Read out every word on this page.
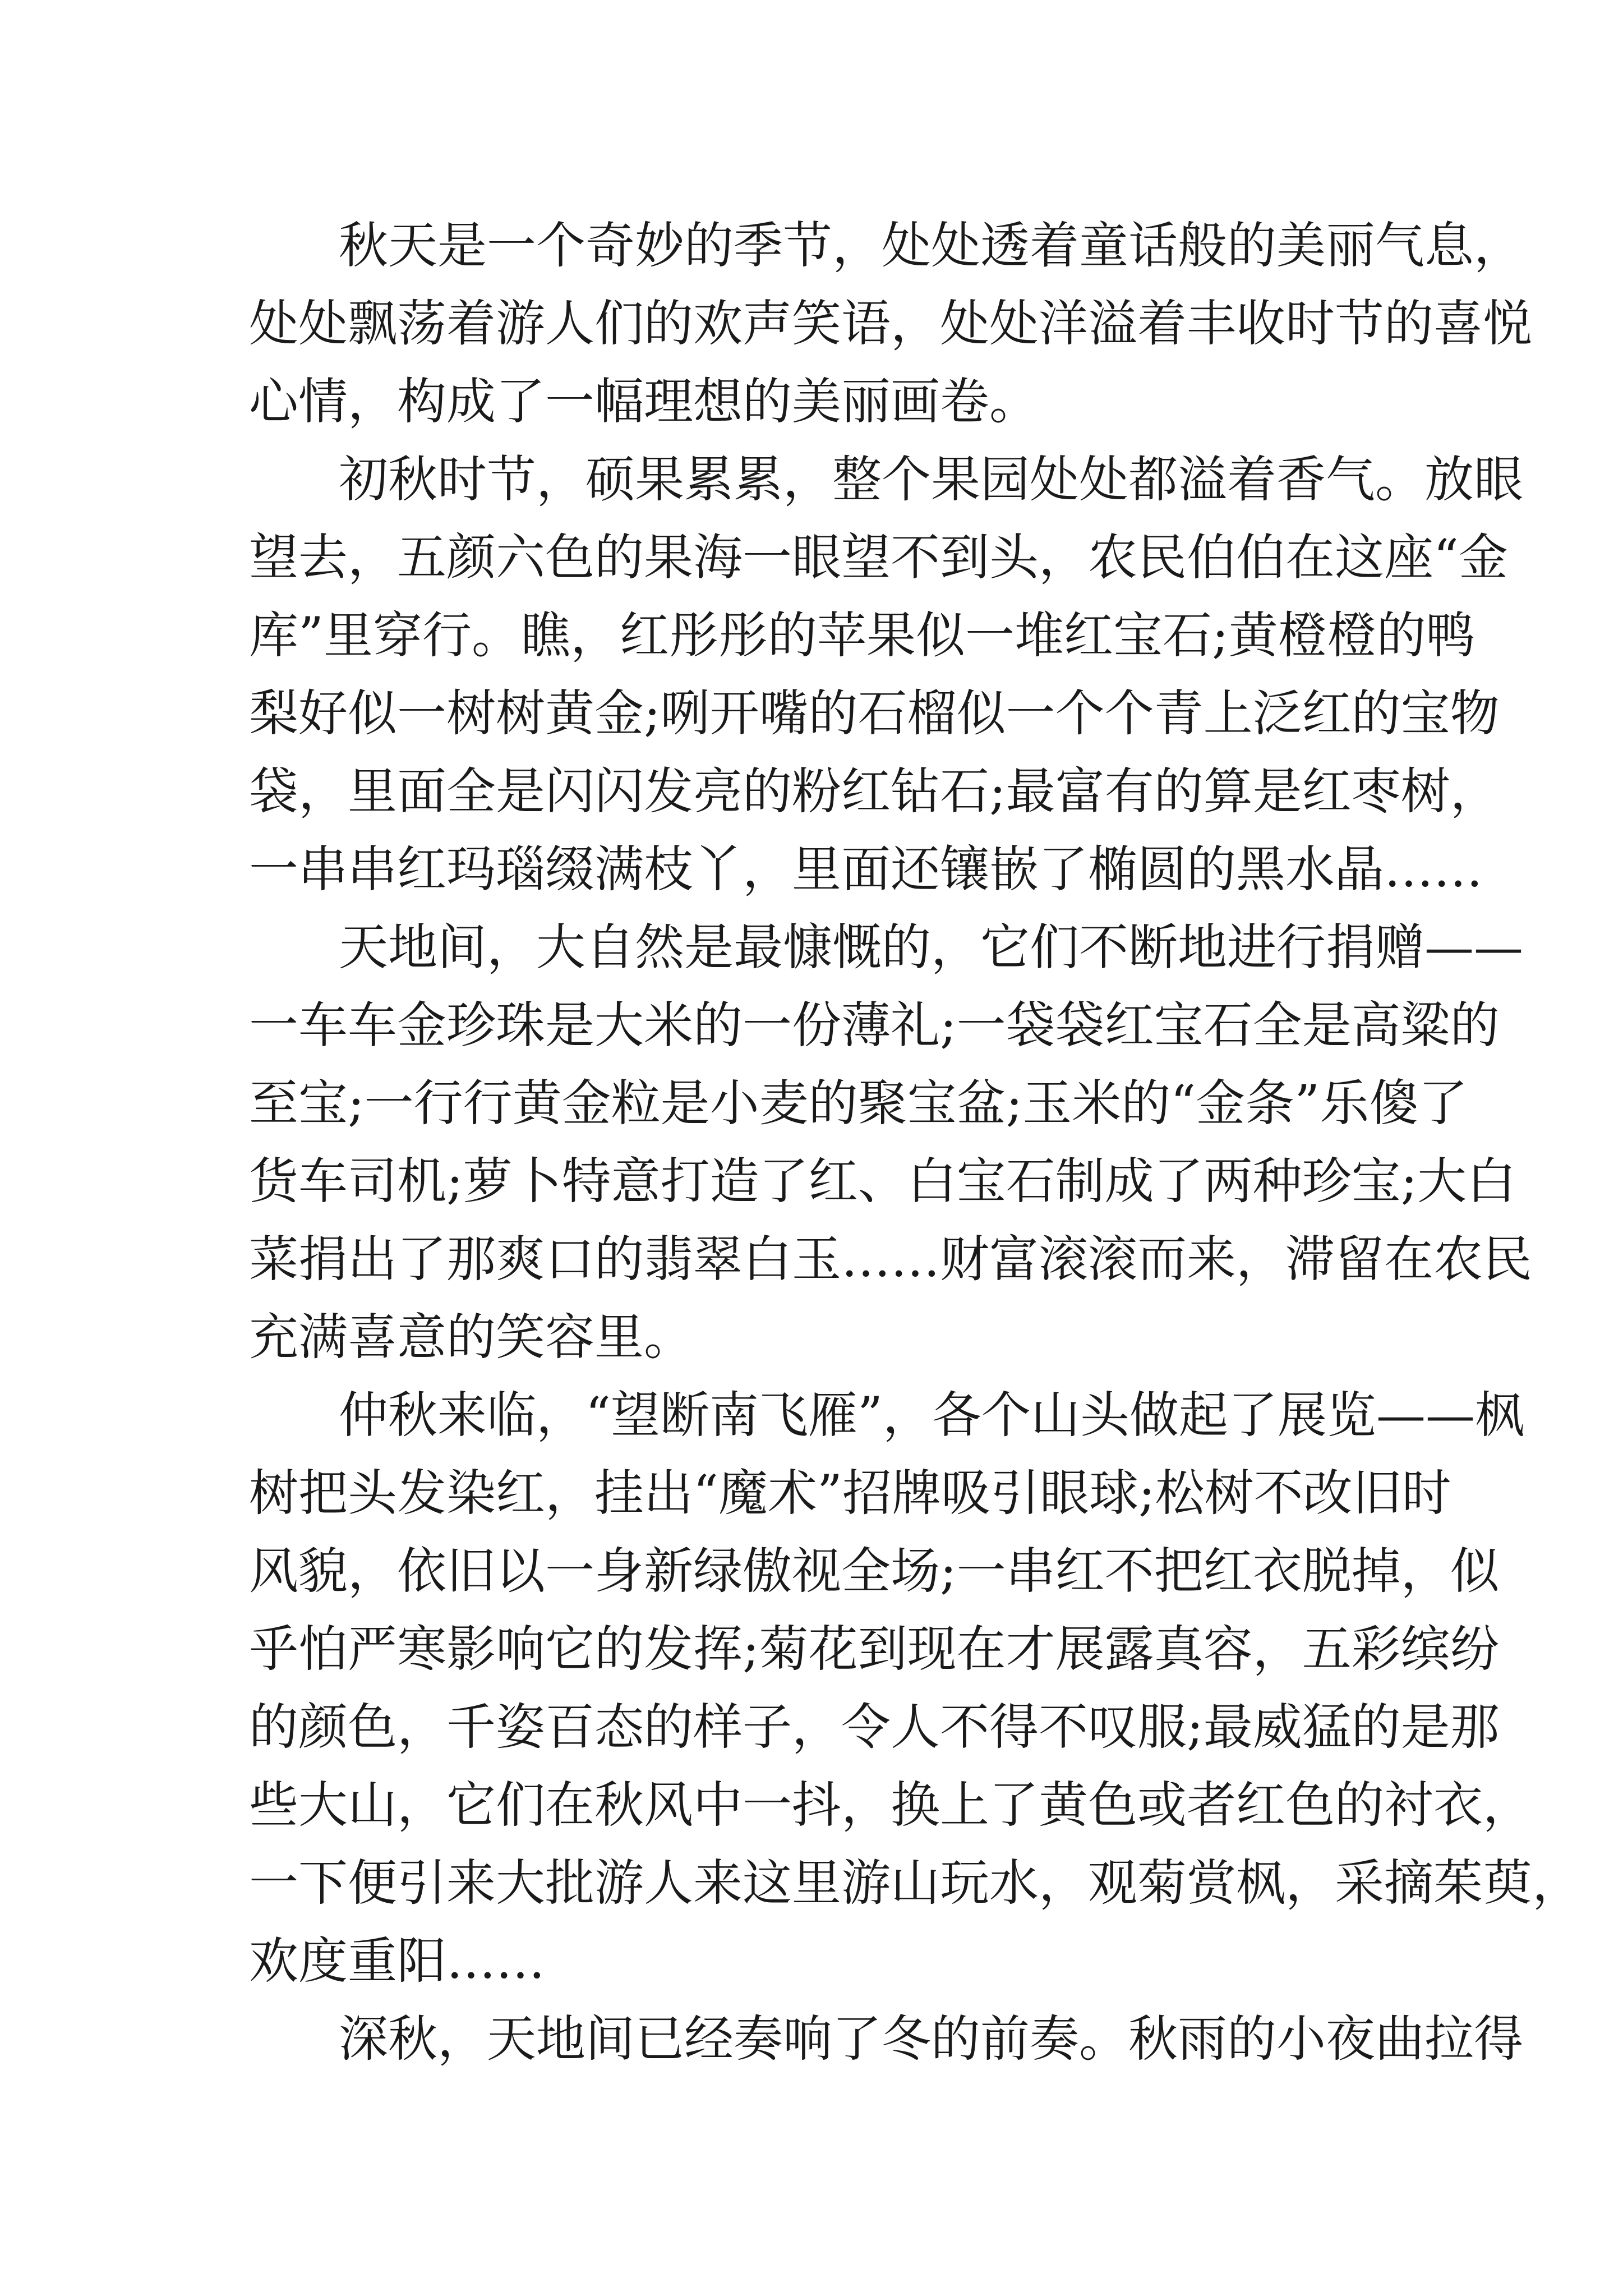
秋天是一个奇妙的季节，处处透着童话般的美丽气息，
处处飘荡着游人们的欢声笑语，处处洋溢着丰收时节的喜悦
心情，构成了一幅理想的美丽画卷。

初秋时节，硕果累累，整个果园处处都溢着香气。放眼
望去，五颜六色的果海一眼望不到头，农民伯伯在这座“金
库”里穿行。瞧，红彤彤的苹果似一堆红宝石;黄橙橙的鸭
梨好似一树树黄金;咧开嘴的石榴似一个个青上泛红的宝物
袋，里面全是闪闪发亮的粉红钻石;最富有的算是红枣树，
一串串红玛瑙缀满枝丫，里面还镶嵌了椭圆的黑水晶……

天地间，大自然是最慷慨的，它们不断地进行捐赠——
一车车金珍珠是大米的一份薄礼;一袋袋红宝石全是高粱的
至宝;一行行黄金粒是小麦的聚宝盆;玉米的“金条”乐傻了
货车司机;萝卜特意打造了红、白宝石制成了两种珍宝;大白
菜捐出了那爽口的翡翠白玉……财富滚滚而来，滞留在农民
充满喜意的笑容里。

仲秋来临，“望断南飞雁”，各个山头做起了展览——枫
树把头发染红，挂出“魔术”招牌吸引眼球;松树不改旧时
风貌，依旧以一身新绿傲视全场;一串红不把红衣脱掉，似
乎怕严寒影响它的发挥;菊花到现在才展露真容，五彩缤纷
的颜色，千姿百态的样子，令人不得不叹服;最威猛的是那
些大山，它们在秋风中一抖，换上了黄色或者红色的衬衣，
一下便引来大批游人来这里游山玩水，观菊赏枫，采摘茱萸，
欢度重阳……

深秋，天地间已经奏响了冬的前奏。秋雨的小夜曲拉得
